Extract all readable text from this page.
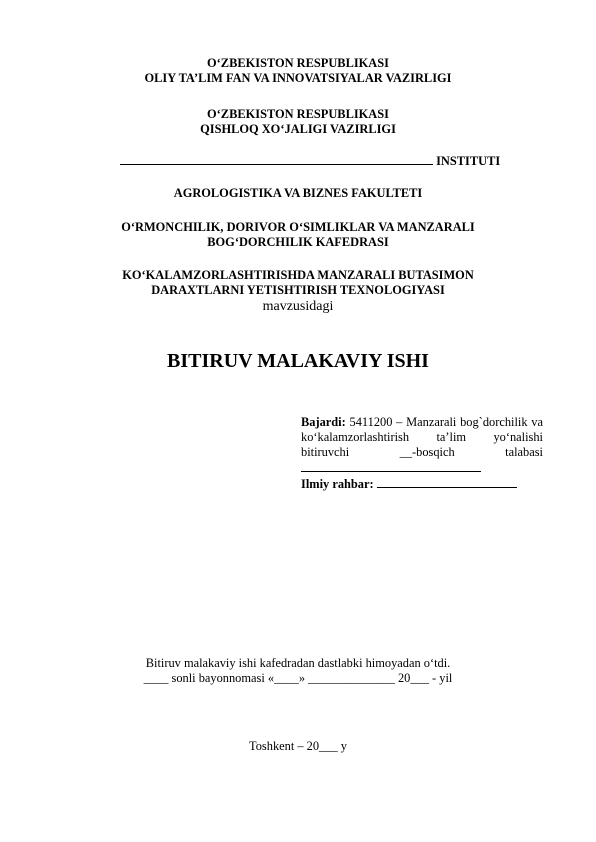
O‘ZBEKISTON RESPUBLIKASI
OLIY TA’LIM FAN VA INNOVATSIYALAR VAZIRLIGI
O‘ZBEKISTON RESPUBLIKASI
QISHLOQ XO‘JALIGI VAZIRLIGI
INSTITUTI
AGROLOGISTIKA VA BIZNES FAKULTETI
O‘RMONCHILIK, DORIVOR O‘SIMLIKLAR VA MANZARALI
BOG‘DORCHILIK KAFEDRASI
KO‘KALAMZORLASHTIRISHDA MANZARALI BUTASIMON
DARAXTLARNI YETISHTIRISH TEXNOLOGIYASI
mavzusidagi
BITIRUV MALAKAVIY ISHI
Bajardi: 5411200 – Manzarali bog`dorchilik va ko‘kalamzorlashtirish ta’lim yo‘nalishi bitiruvchi __-bosqich talabasi
Ilmiy rahbar:
Bitiruv malakaviy ishi kafedradan dastlabki himoyadan o‘tdi.
____ sonli bayonnomasi «____» ______________ 20___ - yil
Toshkent – 20___ y
